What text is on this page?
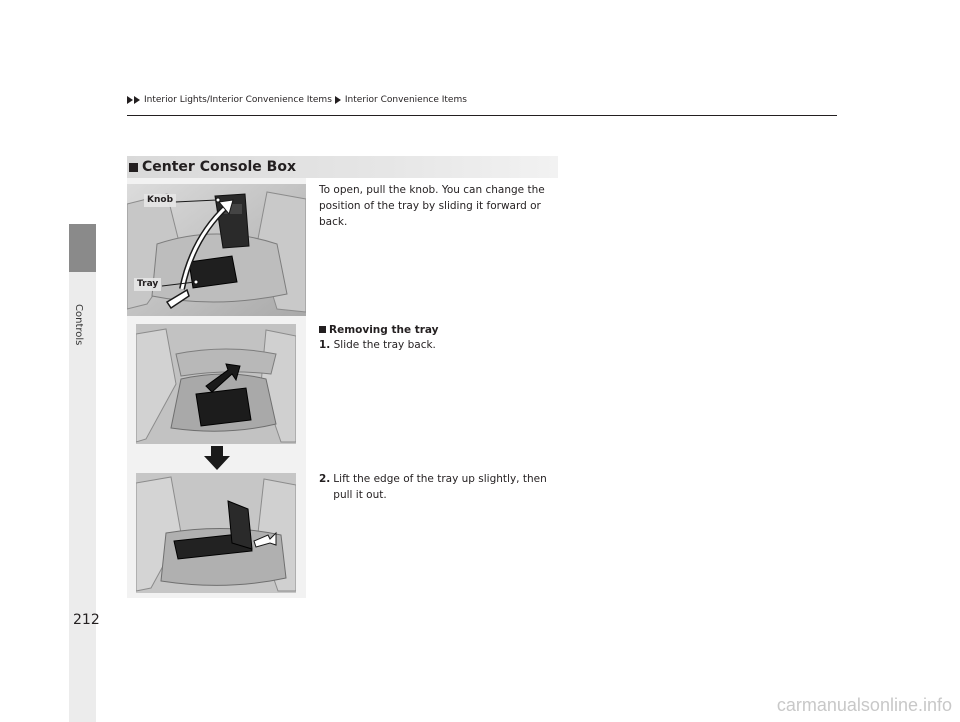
Controls
212
Interior Lights/Interior Convenience Items Interior Convenience Items
Center Console Box
Knob
Tray
To open, pull the knob. You can change the position of the tray by sliding it forward or back.
Removing the tray
1. Slide the tray back.
2. Lift the edge of the tray up slightly, then pull it out.
carmanualsonline.info
